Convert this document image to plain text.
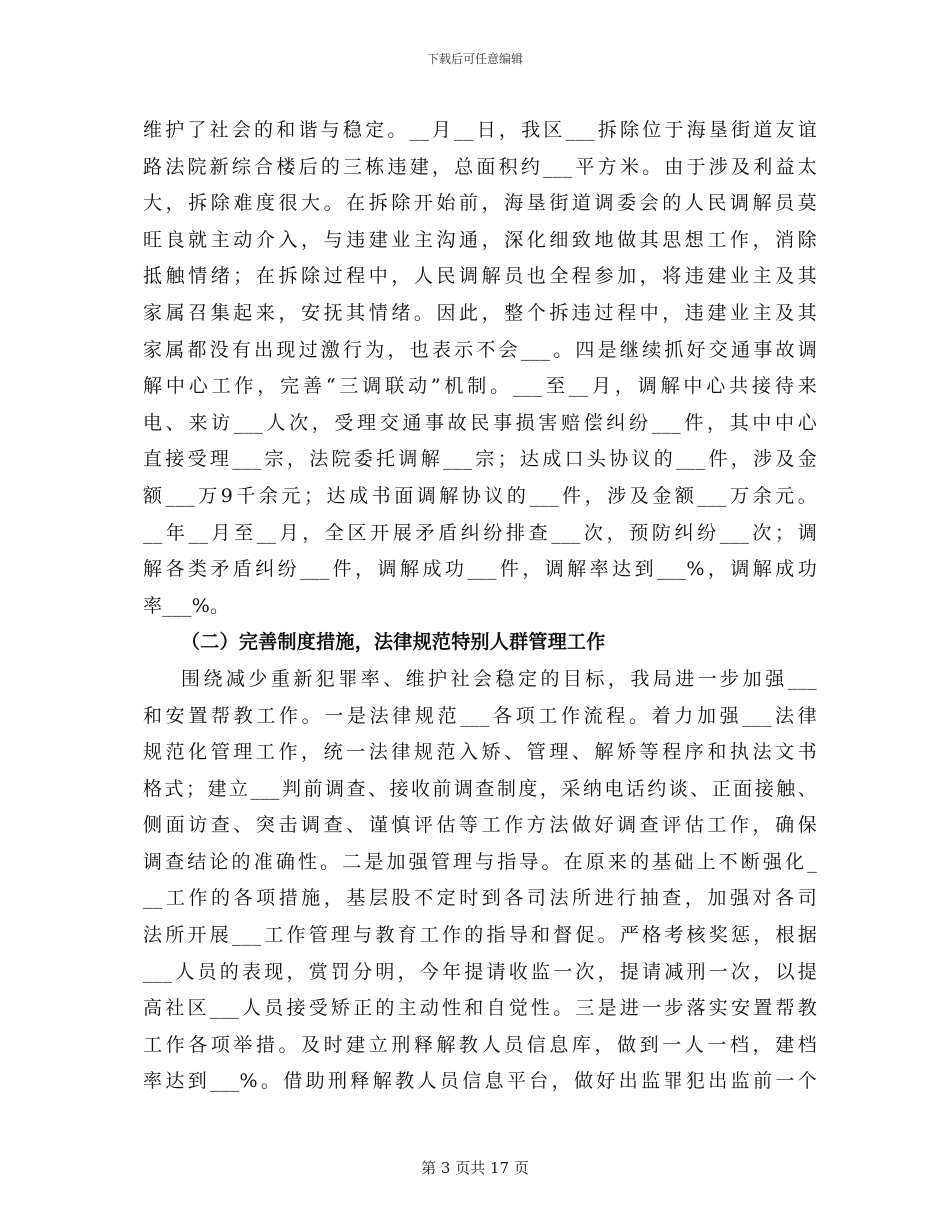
下载后可任意编辑
维护了社会的和谐与稳定。__月__日，我区___拆除位于海垦街道友谊
路法院新综合楼后的三栋违建，总面积约___平方米。由于涉及利益太
大，拆除难度很大。在拆除开始前，海垦街道调委会的人民调解员莫
旺良就主动介入，与违建业主沟通，深化细致地做其思想工作，消除
抵触情绪；在拆除过程中，人民调解员也全程参加，将违建业主及其
家属召集起来，安抚其情绪。因此，整个拆违过程中，违建业主及其
家属都没有出现过激行为，也表示不会___。四是继续抓好交通事故调
解中心工作，完善“三调联动”机制。___至__月，调解中心共接待来
电、来访___人次，受理交通事故民事损害赔偿纠纷___件，其中中心
直接受理___宗，法院委托调解___宗；达成口头协议的___件，涉及金
额___万9千余元；达成书面调解协议的___件，涉及金额___万余元。
__年__月至__月，全区开展矛盾纠纷排查___次，预防纠纷___次；调
解各类矛盾纠纷___件，调解成功___件，调解率达到___%，调解成功
率___%。
（二）完善制度措施，法律规范特别人群管理工作
围绕减少重新犯罪率、维护社会稳定的目标，我局进一步加强___
和安置帮教工作。一是法律规范___各项工作流程。着力加强___法律
规范化管理工作，统一法律规范入矫、管理、解矫等程序和执法文书
格式；建立___判前调查、接收前调查制度，采纳电话约谈、正面接触、
侧面访查、突击调查、谨慎评估等工作方法做好调查评估工作，确保
调查结论的准确性。二是加强管理与指导。在原来的基础上不断强化_
__工作的各项措施，基层股不定时到各司法所进行抽查，加强对各司
法所开展___工作管理与教育工作的指导和督促。严格考核奖惩，根据
___人员的表现，赏罚分明，今年提请收监一次，提请减刑一次，以提
高社区___人员接受矫正的主动性和自觉性。三是进一步落实安置帮教
工作各项举措。及时建立刑释解教人员信息库，做到一人一档，建档
率达到___%。借助刑释解教人员信息平台，做好出监罪犯出监前一个
第 3 页共 17 页
